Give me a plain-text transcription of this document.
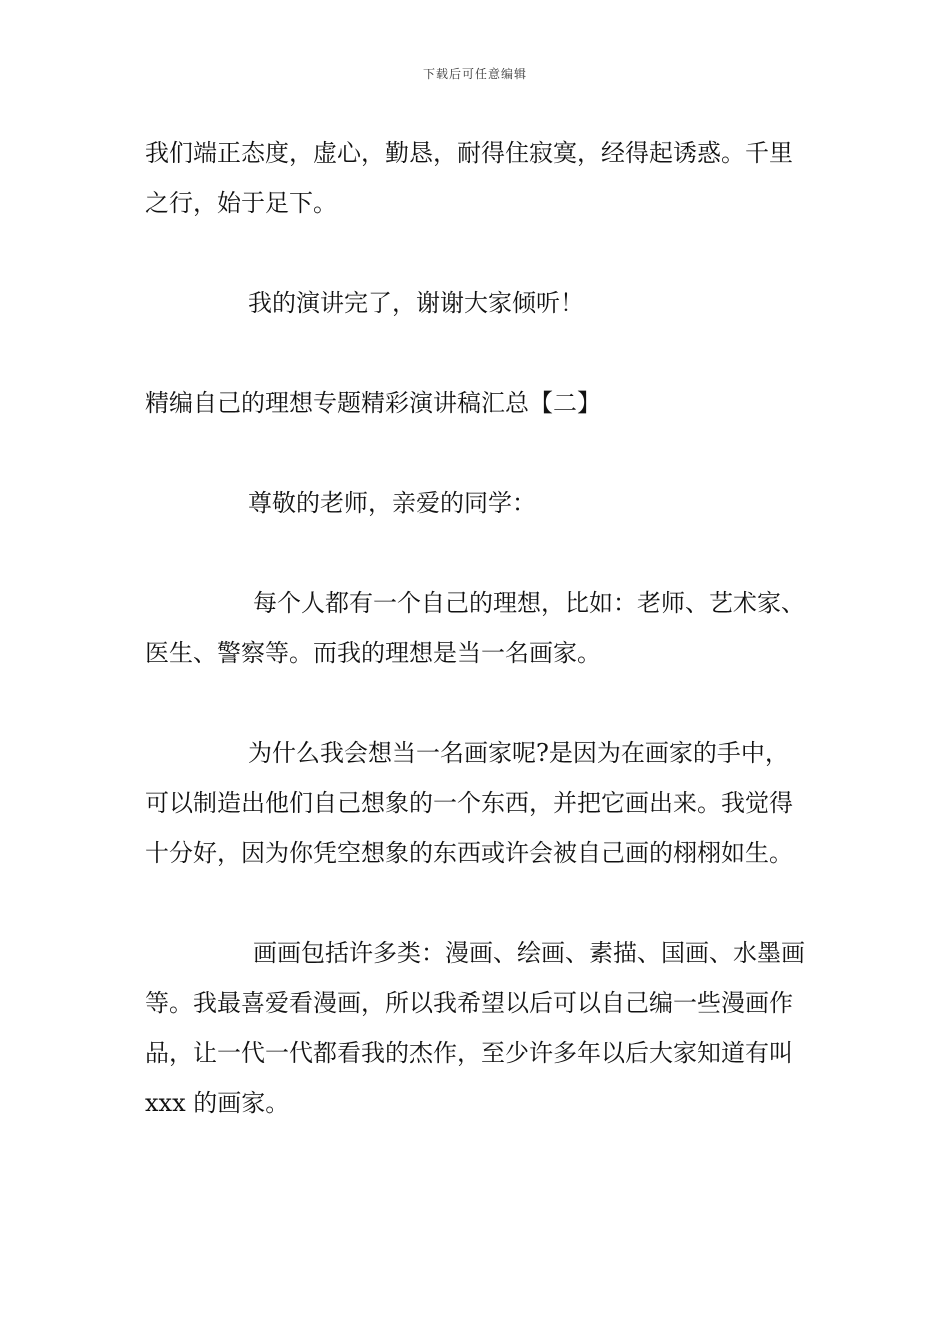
下载后可任意编辑

我们端正态度，虚心，勤恳，耐得住寂寞，经得起诱惑。千里之行，始于足下。

我的演讲完了，谢谢大家倾听！

精编自己的理想专题精彩演讲稿汇总【二】

尊敬的老师，亲爱的同学：

每个人都有一个自己的理想，比如：老师、艺术家、医生、警察等。而我的理想是当一名画家。

为什么我会想当一名画家呢?是因为在画家的手中，可以制造出他们自己想象的一个东西，并把它画出来。我觉得十分好，因为你凭空想象的东西或许会被自己画的栩栩如生。

画画包括许多类：漫画、绘画、素描、国画、水墨画等。我最喜爱看漫画，所以我希望以后可以自己编一些漫画作品，让一代一代都看我的杰作，至少许多年以后大家知道有叫 xxx 的画家。
